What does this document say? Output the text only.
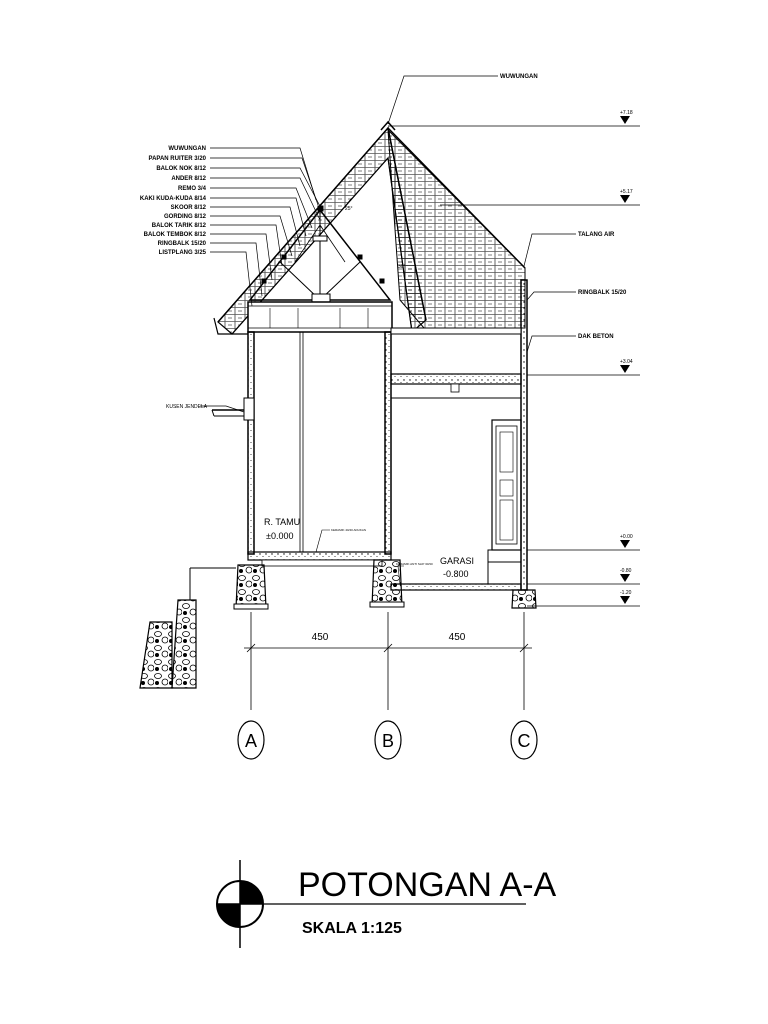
WUWUNGAN
PAPAN RUITER 3/20
BALOK NOK 8/12
ANDER 8/12
REMO 3/4
KAKI KUDA-KUDA 8/14
SKOOR 8/12
GORDING 8/12
BALOK TARIK 8/12
BALOK TEMBOK 8/12
RINGBALK 15/20
LISTPLANG 3/25
WUWUNGAN
25°
30°
+7.18
+5.17
+3.04
+0.00
-0.80
-1.20
TALANG AIR
RINGBALK 15/20
DAK BETON
KUSEN JENDELA
R. TAMU
±0.000
GARASI
-0.800
KERAMIK 40/40 ADUKAN
KERAMIK ANTI SLIP 30/30
450	450
A	B	C
POTONGAN A-A
SKALA 1:125
